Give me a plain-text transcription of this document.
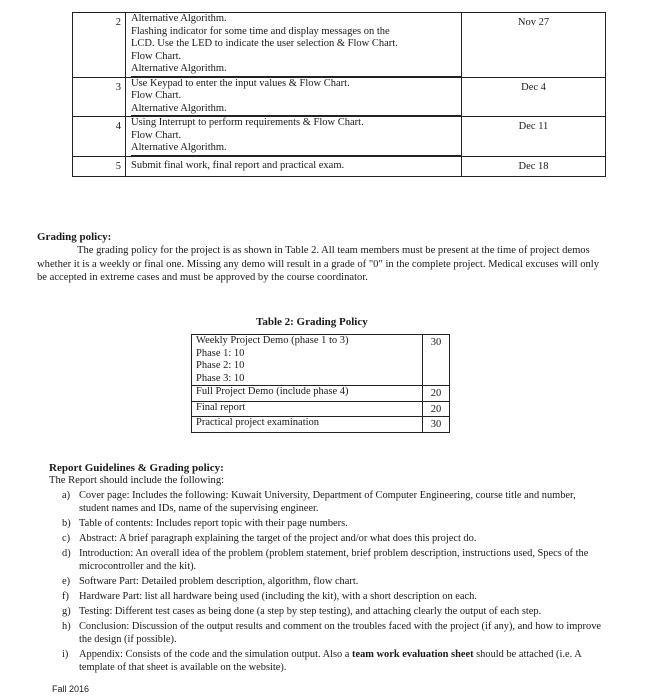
2	Alternative Algorithm.
Flashing indicator for some time and display messages on the
LCD. Use the LED to indicate the user selection & Flow Chart.
Flow Chart.
Alternative Algorithm.	Nov 27
3	Use Keypad to enter the input values & Flow Chart.
Flow Chart.
Alternative Algorithm.	Dec 4
4	Using Interrupt to perform requirements & Flow Chart.
Flow Chart.
Alternative Algorithm.	Dec 11
5	Submit final work, final report and practical exam.	Dec 18
Grading policy:
The grading policy for the project is as shown in Table 2. All team members must be present at the time of project demos whether it is a weekly or final one. Missing any demo will result in a grade of "0" in the complete project. Medical excuses will only be accepted in extreme cases and must be approved by the course coordinator.
Table 2: Grading Policy
Weekly Project Demo (phase 1 to 3)
Phase 1: 10
Phase 2: 10
Phase 3: 10	30
Full Project Demo (include phase 4)	20
Final report	20
Practical project examination	30
Report Guidelines & Grading policy:
The Report should include the following:
a) Cover page: Includes the following: Kuwait University, Department of Computer Engineering, course title and number, student names and IDs, name of the supervising engineer.
b) Table of contents: Includes report topic with their page numbers.
c) Abstract: A brief paragraph explaining the target of the project and/or what does this project do.
d) Introduction: An overall idea of the problem (problem statement, brief problem description, instructions used, Specs of the microcontroller and the kit).
e) Software Part: Detailed problem description, algorithm, flow chart.
f) Hardware Part: list all hardware being used (including the kit), with a short description on each.
g) Testing: Different test cases as being done (a step by step testing), and attaching clearly the output of each step.
h) Conclusion: Discussion of the output results and comment on the troubles faced with the project (if any), and how to improve the design (if possible).
i) Appendix: Consists of the code and the simulation output. Also a team work evaluation sheet should be attached (i.e. A template of that sheet is available on the website).
Fall 2016
